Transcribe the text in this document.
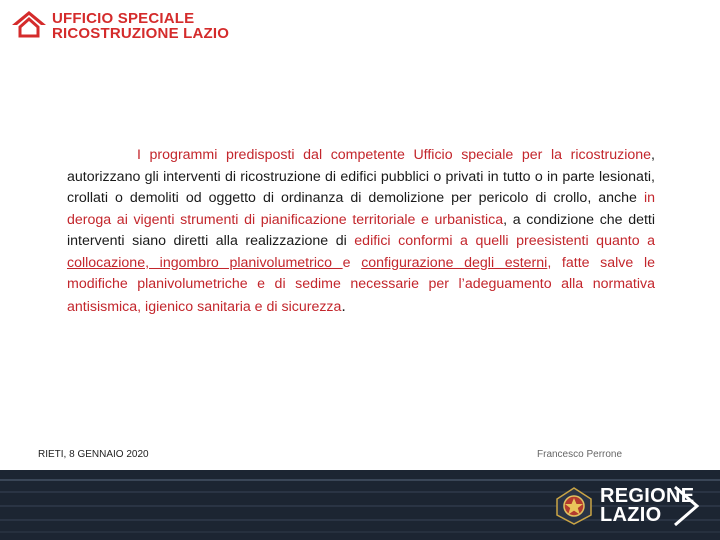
UFFICIO SPECIALE
RICOSTRUZIONE LAZIO
I programmi predisposti dal competente Ufficio speciale per la ricostruzione, autorizzano gli interventi di ricostruzione di edifici pubblici o privati in tutto o in parte lesionati, crollati o demoliti od oggetto di ordinanza di demolizione per pericolo di crollo, anche in deroga ai vigenti strumenti di pianificazione territoriale e urbanistica, a condizione che detti interventi siano diretti alla realizzazione di edifici conformi a quelli preesistenti quanto a collocazione, ingombro planivolumetrico e configurazione degli esterni, fatte salve le modifiche planivolumetriche e di sedime necessarie per l’adeguamento alla normativa antisismica, igienico sanitaria e di sicurezza.
RIETI, 8 GENNAIO 2020	Francesco Perrone
REGIONE
LAZIO
